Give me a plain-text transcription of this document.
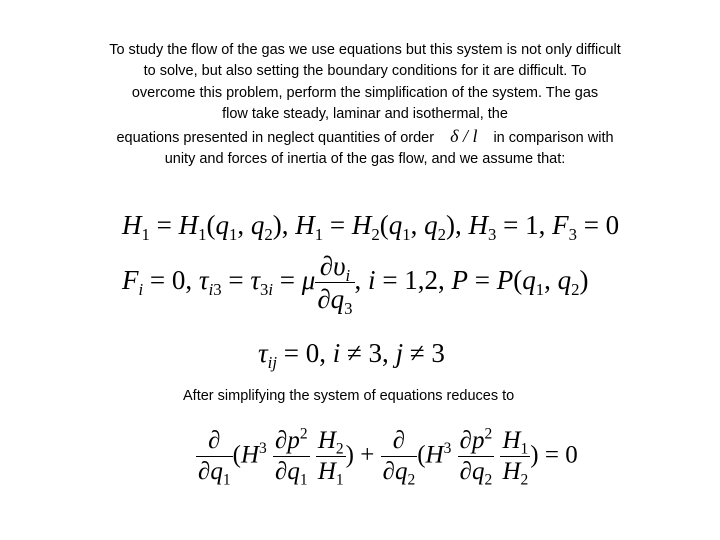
To study the flow of the gas we use equations but this system is not only difficult
to solve, but also setting the boundary conditions for it are difficult. To
overcome this problem, perform the simplification of the system. The gas
flow take steady, laminar and isothermal, the
equations presented in neglect quantities of order δ / l in comparison with
unity and forces of inertia of the gas flow, and we assume that:
$H_1 = H_1(q_1$, $q_2$), $H_1 = H_2(q_1$, $q_2$), $H_3 = 1$, $F_3 = 0$
$F_i = 0$, $\tau_{i3} = \tau_{3i} = \mu \frac{\partial\upsilon_i}{\partial q_3}$ , i = 1,2, $P = P(q_1$, $q_2$)
$\tau_{ij} = 0$, i ≠ 3, j ≠ 3
After simplifying the system of equations reduces to
$\frac{\partial}{\partial q_1} (H^3 \frac{\partial p^2}{\partial q_1}$
$\frac{H_2}{H_1}$ ) + $\frac{\partial}{\partial q_2} (H^3 \frac{\partial p^2}{\partial q_2}$
$\frac{H_1}{H_2}$ ) = 0
